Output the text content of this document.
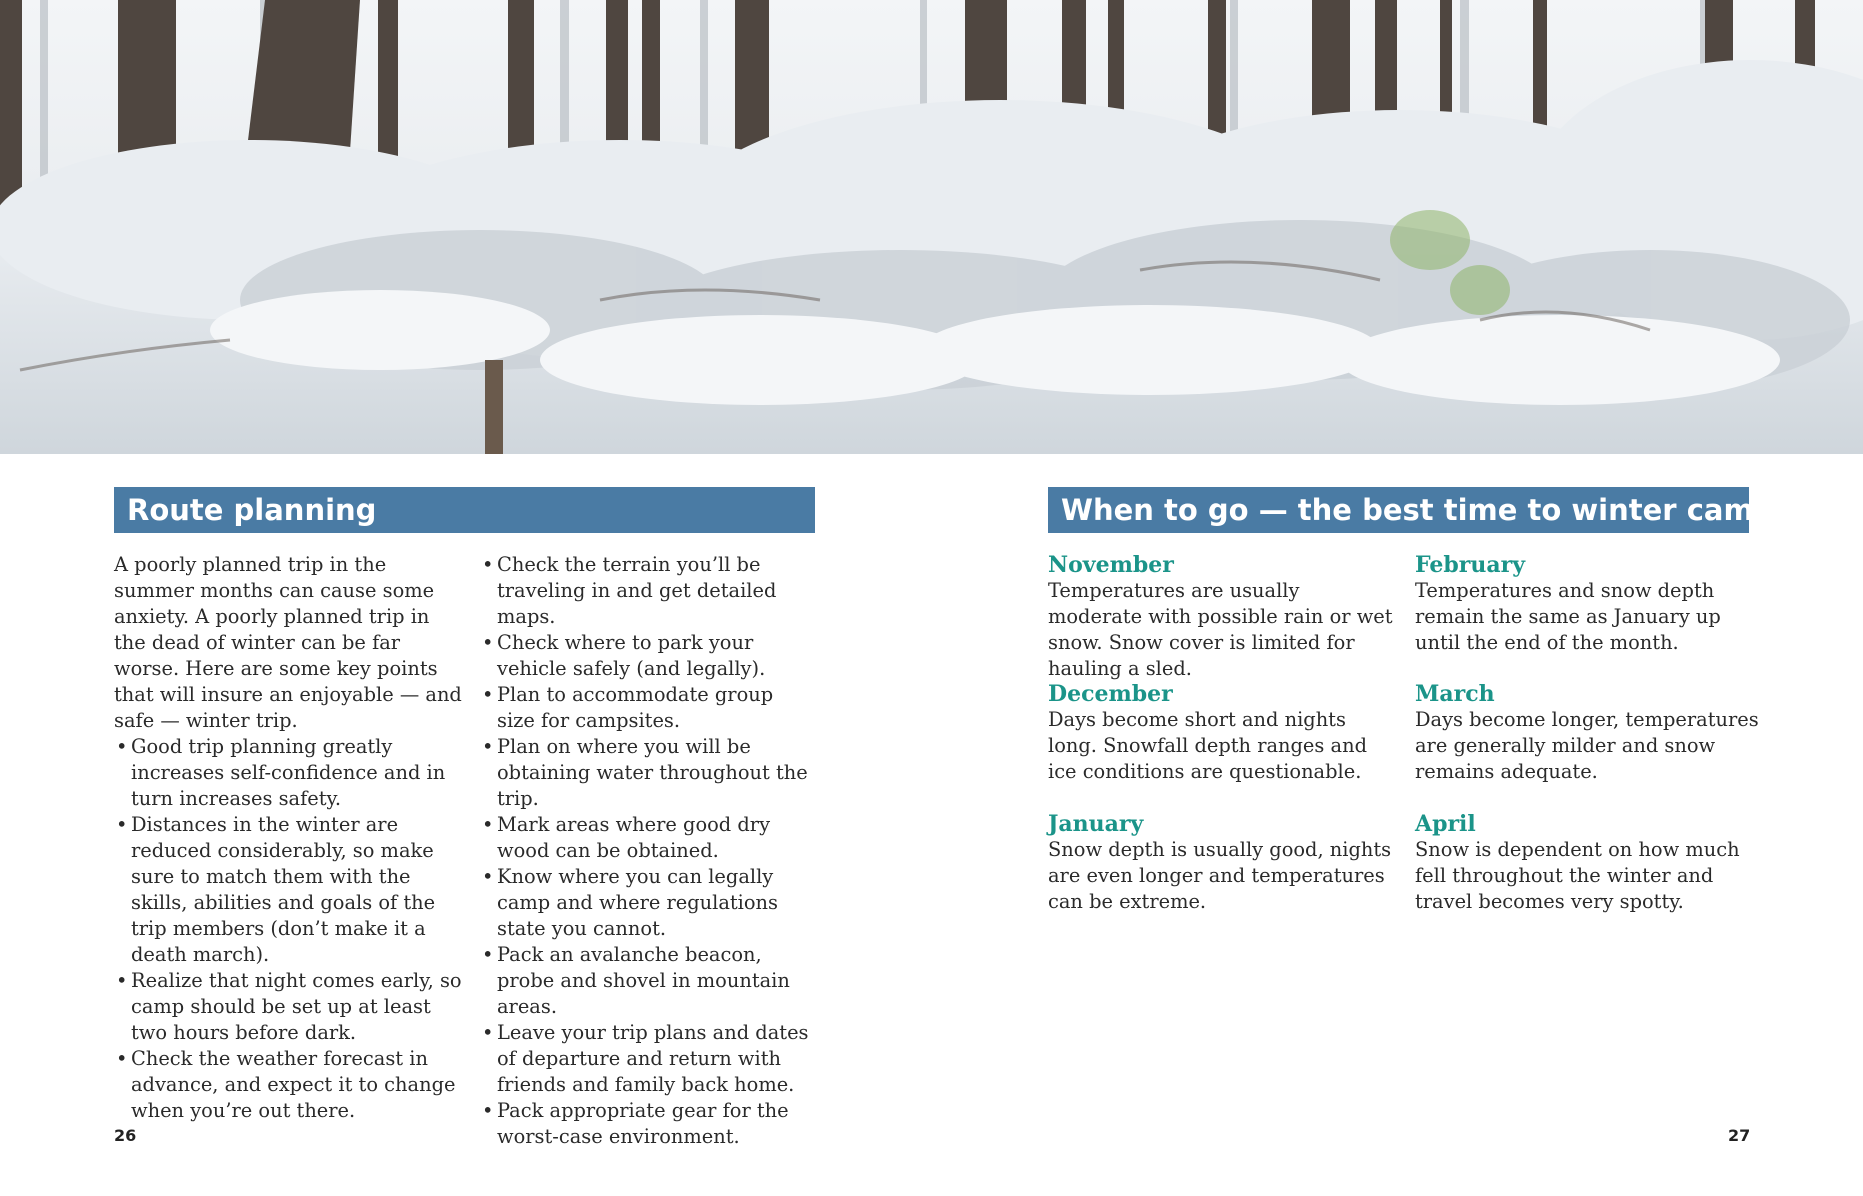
Route planning

A poorly planned trip in the summer months can cause some anxiety. A poorly planned trip in the dead of winter can be far worse. Here are some key points that will insure an enjoyable — and safe — winter trip.

• Good trip planning greatly increases self-confidence and in turn increases safety.
• Distances in the winter are reduced considerably, so make sure to match them with the skills, abilities and goals of the trip members (don’t make it a death march).
• Realize that night comes early, so camp should be set up at least two hours before dark.
• Check the weather forecast in advance, and expect it to change when you’re out there.
• Check the terrain you’ll be traveling in and get detailed maps.
• Check where to park your vehicle safely (and legally).
• Plan to accommodate group size for campsites.
• Plan on where you will be obtaining water throughout the trip.
• Mark areas where good dry wood can be obtained.
• Know where you can legally camp and where regulations state you cannot.
• Pack an avalanche beacon, probe and shovel in mountain areas.
• Leave your trip plans and dates of departure and return with friends and family back home.
• Pack appropriate gear for the worst-case environment.
When to go — the best time to winter camp
November

Temperatures are usually moderate with possible rain or wet snow. Snow cover is limited for hauling a sled.

December

Days become short and nights long. Snowfall depth ranges and ice conditions are questionable.

January

Snow depth is usually good, nights are even longer and temperatures can be extreme.

February

Temperatures and snow depth remain the same as January up until the end of the month.

March

Days become longer, temperatures are generally milder and snow remains adequate.

April

Snow is dependent on how much fell throughout the winter and travel becomes very spotty.

26	27
